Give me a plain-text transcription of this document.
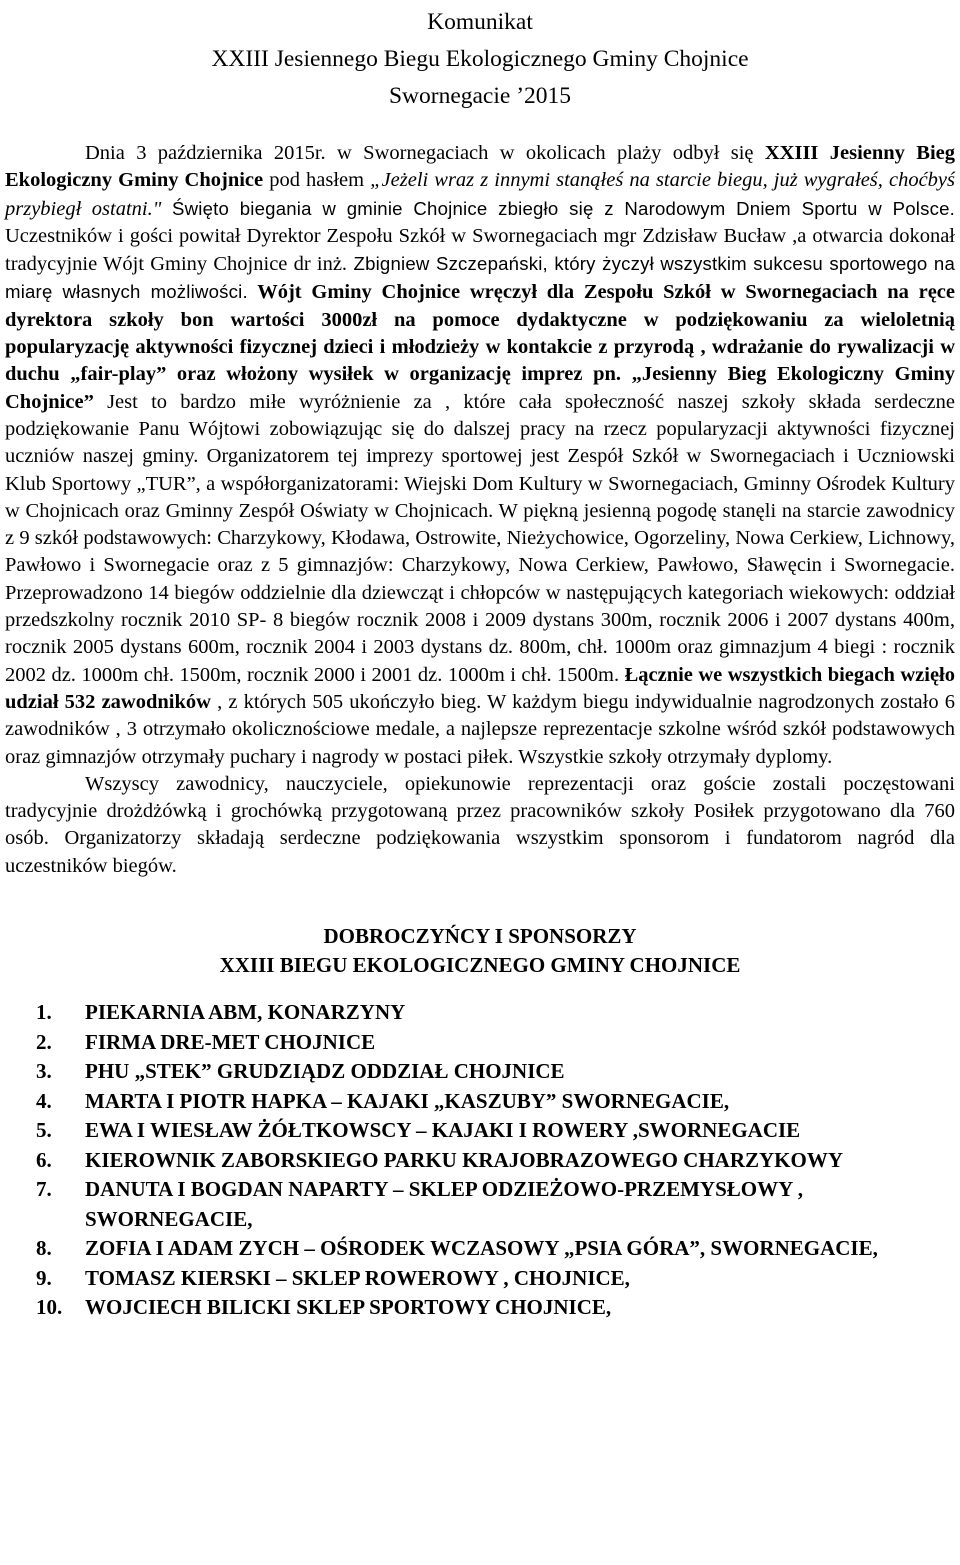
Komunikat
XXIII Jesiennego Biegu Ekologicznego Gminy Chojnice
Swornegacie ’2015

Dnia 3 października 2015r. w Swornegaciach w okolicach plaży odbył się XXIII Jesienny Bieg Ekologiczny Gminy Chojnice pod hasłem „Jeżeli wraz z innymi stanąłeś na starcie biegu, już wygrałeś, choćbyś przybiegł ostatni." Święto biegania w gminie Chojnice zbiegło się z Narodowym Dniem Sportu w Polsce. Uczestników i gości powitał Dyrektor Zespołu Szkół w Swornegaciach mgr Zdzisław Bucław ,a otwarcia dokonał tradycyjnie Wójt Gminy Chojnice dr inż. Zbigniew Szczepański, który życzył wszystkim sukcesu sportowego na miarę własnych możliwości. Wójt Gminy Chojnice wręczył dla Zespołu Szkół w Swornegaciach na ręce dyrektora szkoły bon wartości 3000zł na pomoce dydaktyczne w podziękowaniu za wieloletnią popularyzację aktywności fizycznej dzieci i młodzieży w kontakcie z przyrodą , wdrażanie do rywalizacji w duchu „fair-play” oraz włożony wysiłek w organizację imprez pn. „Jesienny Bieg Ekologiczny Gminy Chojnice” Jest to bardzo miłe wyróżnienie za , które cała społeczność naszej szkoły składa serdeczne podziękowanie Panu Wójtowi zobowiązując się do dalszej pracy na rzecz popularyzacji aktywności fizycznej uczniów naszej gminy. Organizatorem tej imprezy sportowej jest Zespół Szkół w Swornegaciach i Uczniowski Klub Sportowy „TUR”, a współorganizatorami: Wiejski Dom Kultury w Swornegaciach, Gminny Ośrodek Kultury w Chojnicach oraz Gminny Zespół Oświaty w Chojnicach. W piękną jesienną pogodę stanęli na starcie zawodnicy z 9 szkół podstawowych: Charzykowy, Kłodawa, Ostrowite, Nieżychowice, Ogorzeliny, Nowa Cerkiew, Lichnowy, Pawłowo i Swornegacie oraz z 5 gimnazjów: Charzykowy, Nowa Cerkiew, Pawłowo, Sławęcin i Swornegacie. Przeprowadzono 14 biegów oddzielnie dla dziewcząt i chłopców w następujących kategoriach wiekowych: oddział przedszkolny rocznik 2010 SP- 8 biegów rocznik 2008 i 2009 dystans 300m, rocznik 2006 i 2007 dystans 400m, rocznik 2005 dystans 600m, rocznik 2004 i 2003 dystans dz. 800m, chł. 1000m oraz gimnazjum 4 biegi : rocznik 2002 dz. 1000m chł. 1500m, rocznik 2000 i 2001 dz. 1000m i chł. 1500m. Łącznie we wszystkich biegach wzięło udział 532 zawodników , z których 505 ukończyło bieg. W każdym biegu indywidualnie nagrodzonych zostało 6 zawodników , 3 otrzymało okolicznościowe medale, a najlepsze reprezentacje szkolne wśród szkół podstawowych oraz gimnazjów otrzymały puchary i nagrody w postaci piłek. Wszystkie szkoły otrzymały dyplomy.

Wszyscy zawodnicy, nauczyciele, opiekunowie reprezentacji oraz goście zostali poczęstowani tradycyjnie drożdżówką i grochówką przygotowaną przez pracowników szkoły Posiłek przygotowano dla 760 osób. Organizatorzy składają serdeczne podziękowania wszystkim sponsorom i fundatorom nagród dla uczestników biegów.

DOBROCZYŃCY I SPONSORZY
XXIII BIEGU EKOLOGICZNEGO GMINY CHOJNICE
1.	PIEKARNIA ABM, KONARZYNY
2.	FIRMA DRE-MET CHOJNICE
3.	PHU „STEK” GRUDZIĄDZ ODDZIAŁ CHOJNICE
4.	MARTA I PIOTR HAPKA – KAJAKI „KASZUBY” SWORNEGACIE,
5.	EWA I WIESŁAW ŻÓŁTKOWSCY – KAJAKI I ROWERY ,SWORNEGACIE
6.	KIEROWNIK ZABORSKIEGO PARKU KRAJOBRAZOWEGO CHARZYKOWY
7.	DANUTA I BOGDAN NAPARTY – SKLEP ODZIEŻOWO-PRZEMYSŁOWY , SWORNEGACIE,
8.	ZOFIA I ADAM ZYCH – OŚRODEK WCZASOWY „PSIA GÓRA”, SWORNEGACIE,
9.	TOMASZ KIERSKI – SKLEP ROWEROWY , CHOJNICE,
10.	WOJCIECH BILICKI SKLEP SPORTOWY CHOJNICE,
